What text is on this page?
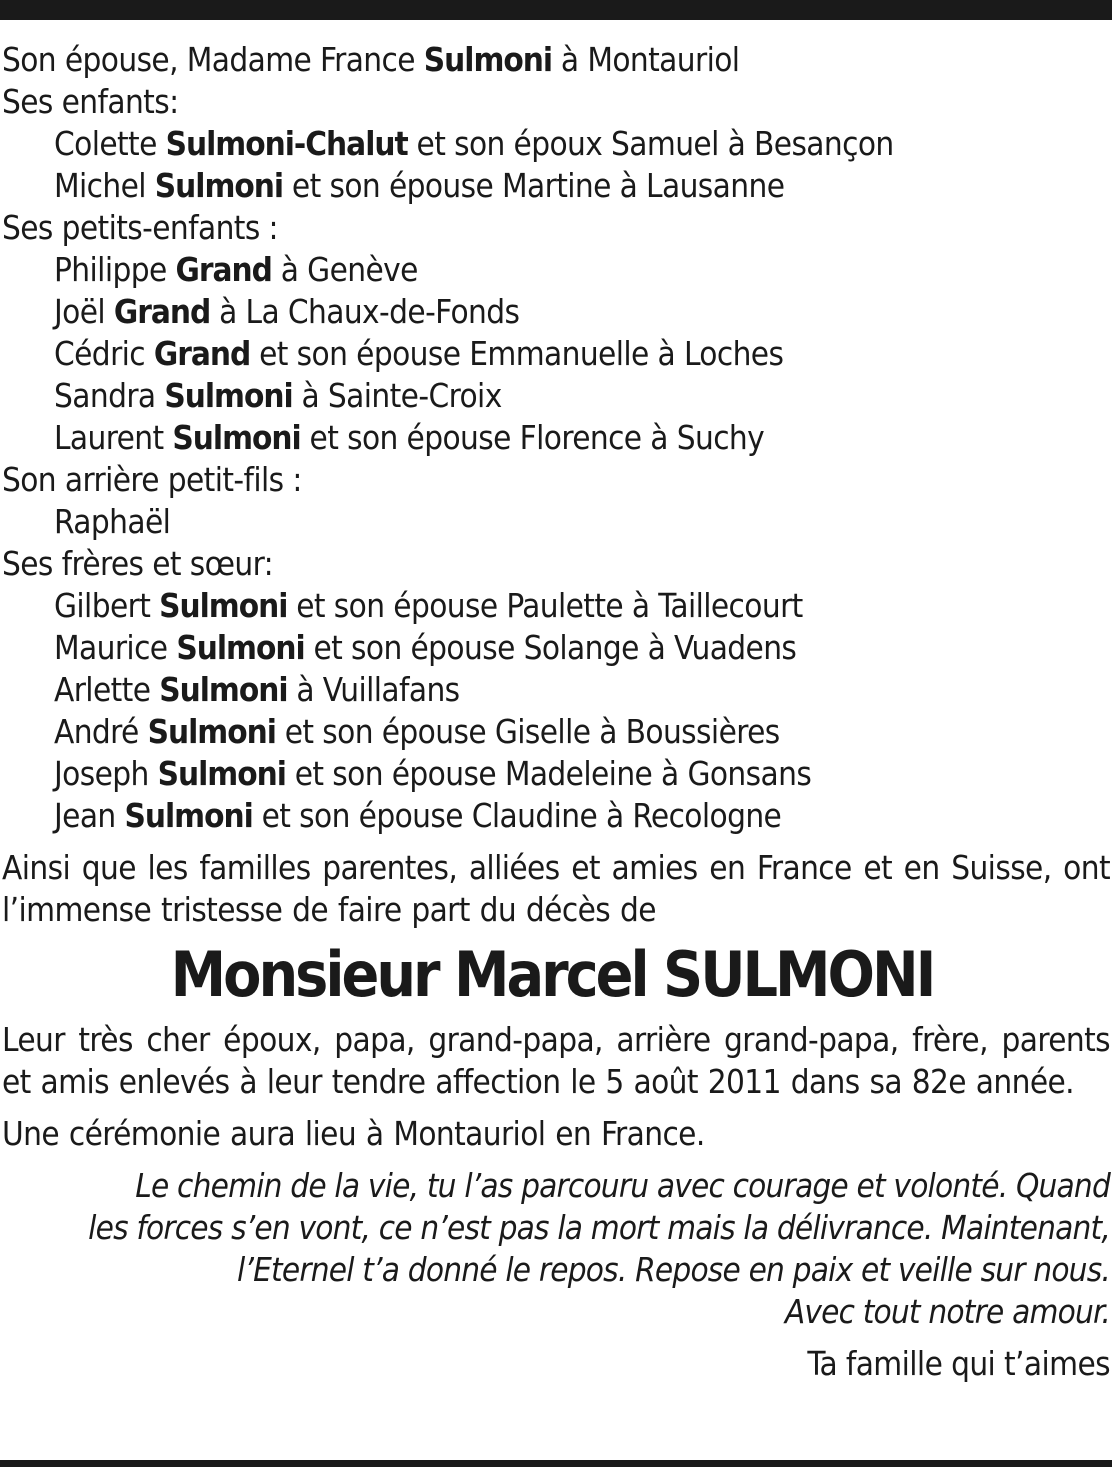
Son épouse, Madame France Sulmoni à Montauriol
Ses enfants:
Colette Sulmoni-Chalut et son époux Samuel à Besançon
Michel Sulmoni et son épouse Martine à Lausanne
Ses petits-enfants :
Philippe Grand à Genève
Joël Grand à La Chaux-de-Fonds
Cédric Grand et son épouse Emmanuelle à Loches
Sandra Sulmoni à Sainte-Croix
Laurent Sulmoni et son épouse Florence à Suchy
Son arrière petit-fils :
Raphaël
Ses frères et sœur:
Gilbert Sulmoni et son épouse Paulette à Taillecourt
Maurice Sulmoni et son épouse Solange à Vuadens
Arlette Sulmoni à Vuillafans
André Sulmoni et son épouse Giselle à Boussières
Joseph Sulmoni et son épouse Madeleine à Gonsans
Jean Sulmoni et son épouse Claudine à Recologne
Ainsi que les familles parentes, alliées et amies en France et en Suisse, ont l’immense tristesse de faire part du décès de
Monsieur Marcel SULMONI
Leur très cher époux, papa, grand-papa, arrière grand-papa, frère, parents et amis enlevés à leur tendre affection le 5 août 2011 dans sa 82e année.
Une cérémonie aura lieu à Montauriol en France.
Le chemin de la vie, tu l’as parcouru avec courage et volonté. Quand
les forces s’en vont, ce n’est pas la mort mais la délivrance. Maintenant,
l’Eternel t’a donné le repos. Repose en paix et veille sur nous.
Avec tout notre amour.
Ta famille qui t’aimes
